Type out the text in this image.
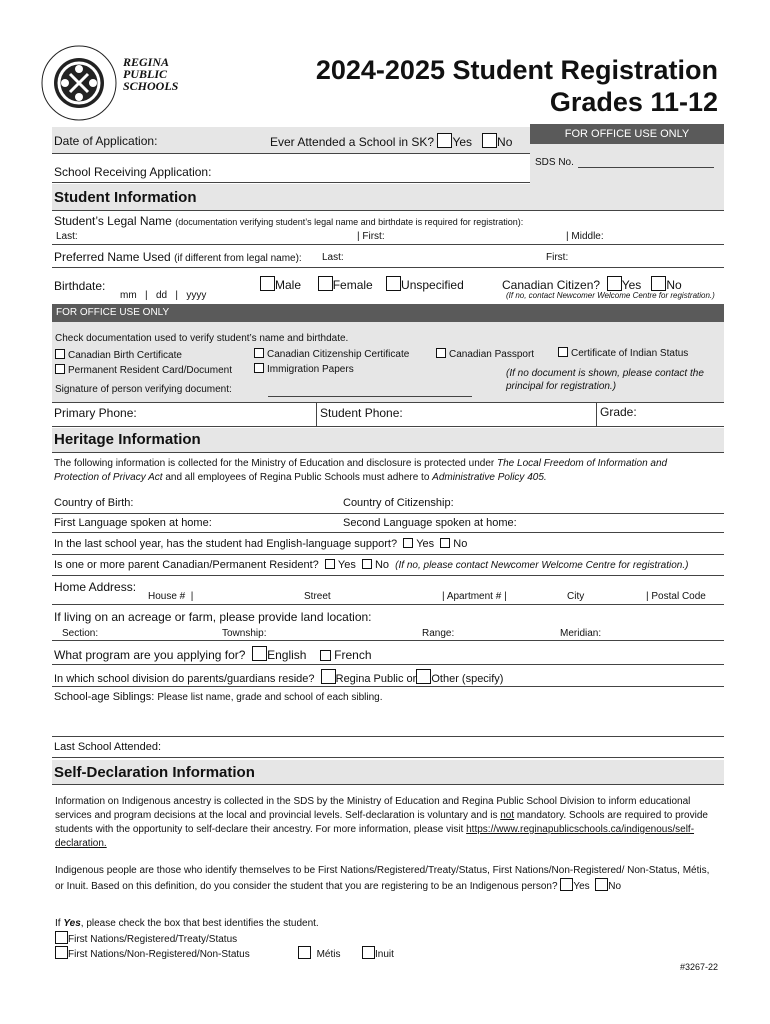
REGINA
PUBLIC
SCHOOLS
2024-2025 Student Registration
Grades 11-12
FOR OFFICE USE ONLY
SDS No.
Date of Application:	Ever Attended a School in SK? Yes No
School Receiving Application:
Student Information
Student’s Legal Name (documentation verifying student’s legal name and birthdate is required for registration):
Last:	| First:	| Middle:
Preferred Name Used (if different from legal name): Last:	First:
Birthdate:
mm   |   dd   |   yyyy
Male	Female Unspecified	Canadian Citizen? Yes No
(If no, contact Newcomer Welcome Centre for registration.)
FOR OFFICE USE ONLY
Check documentation used to verify student’s name and birthdate.
Canadian Birth Certificate	Canadian Citizenship Certificate	Canadian Passport	Certificate of Indian Status
Permanent Resident Card/Document	Immigration Papers	(If no document is shown, please contact the principal for registration.)
Signature of person verifying document:
Primary Phone:	Student Phone:	Grade:
Heritage Information
The following information is collected for the Ministry of Education and disclosure is protected under The Local Freedom of Information and Protection of Privacy Act and all employees of Regina Public Schools must adhere to Administrative Policy 405.
Country of Birth:	Country of Citizenship:
First Language spoken at home:	Second Language spoken at home:
In the last school year, has the student had English-language support? Yes No
Is one or more parent Canadian/Permanent Resident? Yes No (If no, please contact Newcomer Welcome Centre for registration.)
Home Address:
House #  |	Street	| Apartment # |	City	| Postal Code
If living on an acreage or farm, please provide land location:
Section:	Township:	Range:	Meridian:
What program are you applying for? English French
In which school division do parents/guardians reside? Regina Public or Other (specify)
School-age Siblings: Please list name, grade and school of each sibling.
Last School Attended:
Self-Declaration Information
Information on Indigenous ancestry is collected in the SDS by the Ministry of Education and Regina Public School Division to inform educational services and program decisions at the local and provincial levels. Self-declaration is voluntary and is not mandatory. Schools are required to provide students with the opportunity to self-declare their ancestry. For more information, please visit https://www.reginapublicschools.ca/indigenous/self-declaration.
Indigenous people are those who identify themselves to be First Nations/Registered/Treaty/Status, First Nations/Non-Registered/ Non-Status, Métis, or Inuit. Based on this definition, do you consider the student that you are registering to be an Indigenous person? Yes No
If Yes, please check the box that best identifies the student.
First Nations/Registered/Treaty/Status
First Nations/Non-Registered/Non-Status	Métis	Inuit
#3267-22
